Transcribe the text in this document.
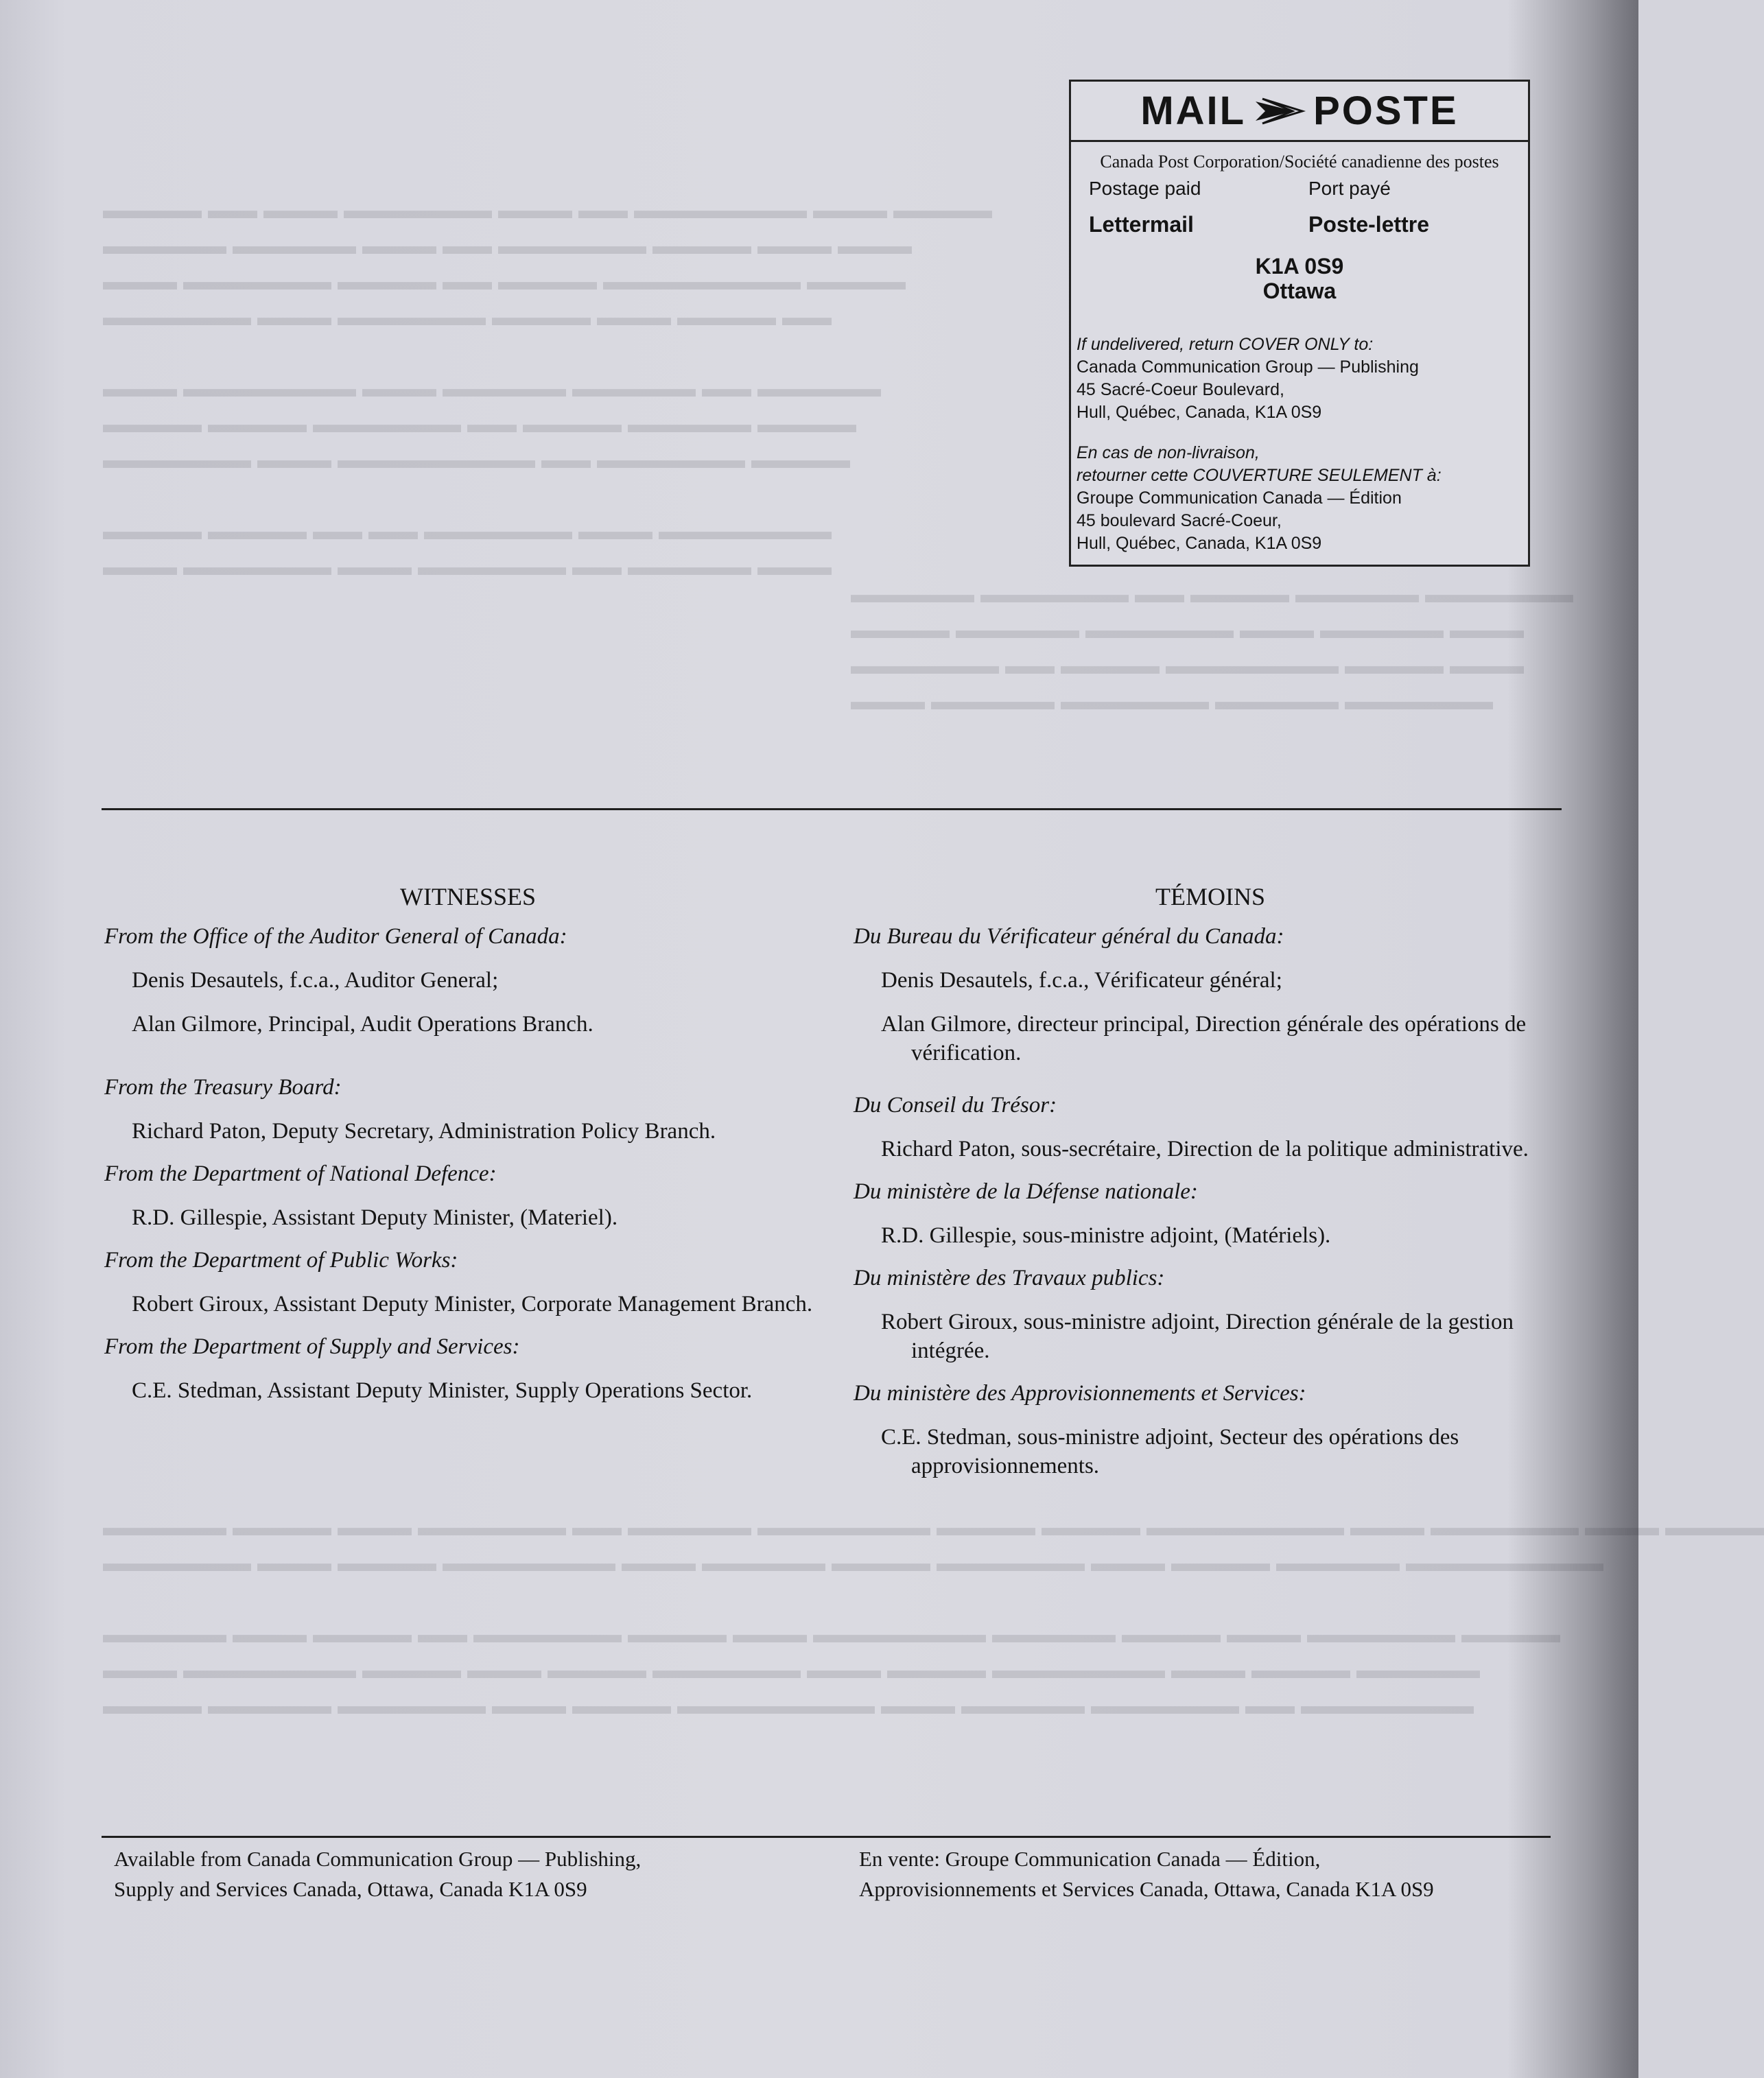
▬▬▬▬ ▬▬ ▬▬▬ ▬▬▬▬▬▬ ▬▬▬ ▬▬ ▬▬▬▬▬▬▬ ▬▬▬ ▬▬▬▬
▬▬▬▬▬ ▬▬▬▬▬ ▬▬▬ ▬▬ ▬▬▬▬▬▬ ▬▬▬▬ ▬▬▬ ▬▬▬
▬▬▬ ▬▬▬▬▬▬ ▬▬▬▬ ▬▬ ▬▬▬▬ ▬▬▬▬▬▬▬▬ ▬▬▬▬
▬▬▬▬▬▬ ▬▬▬ ▬▬▬▬▬▬ ▬▬▬▬ ▬▬▬ ▬▬▬▬ ▬▬

▬▬▬ ▬▬▬▬▬▬▬ ▬▬▬ ▬▬▬▬▬ ▬▬▬▬▬ ▬▬ ▬▬▬▬▬
▬▬▬▬ ▬▬▬▬ ▬▬▬▬▬▬ ▬▬ ▬▬▬▬ ▬▬▬▬▬ ▬▬▬▬
▬▬▬▬▬▬ ▬▬▬ ▬▬▬▬▬▬▬▬ ▬▬ ▬▬▬▬▬▬ ▬▬▬▬

▬▬▬▬ ▬▬▬▬ ▬▬ ▬▬ ▬▬▬▬▬▬ ▬▬▬ ▬▬▬▬▬▬▬
▬▬▬ ▬▬▬▬▬▬ ▬▬▬ ▬▬▬▬▬▬ ▬▬ ▬▬▬▬▬ ▬▬▬
▬▬▬▬▬ ▬▬▬▬▬▬ ▬▬ ▬▬▬▬ ▬▬▬▬▬ ▬▬▬▬▬▬
▬▬▬▬ ▬▬▬▬▬ ▬▬▬▬▬▬ ▬▬▬ ▬▬▬▬▬ ▬▬▬
▬▬▬▬▬▬ ▬▬ ▬▬▬▬ ▬▬▬▬▬▬▬ ▬▬▬▬ ▬▬▬
▬▬▬ ▬▬▬▬▬ ▬▬▬▬▬▬ ▬▬▬▬▬ ▬▬▬▬▬▬
▬▬▬▬▬ ▬▬▬▬ ▬▬▬ ▬▬▬▬▬▬ ▬▬ ▬▬▬▬▬ ▬▬▬▬▬▬▬ ▬▬▬▬ ▬▬▬▬ ▬▬▬▬▬▬▬▬ ▬▬▬ ▬▬▬▬▬▬ ▬▬▬ ▬▬▬▬
▬▬▬▬▬▬ ▬▬▬ ▬▬▬▬ ▬▬▬▬▬▬▬ ▬▬▬ ▬▬▬▬▬ ▬▬▬▬ ▬▬▬▬▬▬ ▬▬▬ ▬▬▬▬ ▬▬▬▬▬ ▬▬▬▬▬▬▬▬

▬▬▬▬▬ ▬▬▬ ▬▬▬▬ ▬▬ ▬▬▬▬▬▬ ▬▬▬▬ ▬▬▬ ▬▬▬▬▬▬▬ ▬▬▬▬▬ ▬▬▬▬ ▬▬▬ ▬▬▬▬▬▬ ▬▬▬▬
▬▬▬ ▬▬▬▬▬▬▬ ▬▬▬▬ ▬▬▬ ▬▬▬▬ ▬▬▬▬▬▬ ▬▬▬ ▬▬▬▬ ▬▬▬▬▬▬▬ ▬▬▬ ▬▬▬▬ ▬▬▬▬▬
▬▬▬▬ ▬▬▬▬▬ ▬▬▬▬▬▬ ▬▬▬ ▬▬▬▬ ▬▬▬▬▬▬▬▬ ▬▬▬ ▬▬▬▬▬ ▬▬▬▬▬▬ ▬▬ ▬▬▬▬▬▬▬
MAIL POSTE
Canada Post Corporation/Société canadienne des postes
Postage paid	Port payé
Lettermail	Poste-lettre
K1A 0S9
Ottawa
If undelivered, return COVER ONLY to:
Canada Communication Group — Publishing
45 Sacré-Coeur Boulevard,
Hull, Québec, Canada, K1A 0S9
En cas de non-livraison,
retourner cette COUVERTURE SEULEMENT à:
Groupe Communication Canada — Édition
45 boulevard Sacré-Coeur,
Hull, Québec, Canada, K1A 0S9
WITNESSES
From the Office of the Auditor General of Canada:
Denis Desautels, f.c.a., Auditor General;
Alan Gilmore, Principal, Audit Operations Branch.
From the Treasury Board:
Richard Paton, Deputy Secretary, Administration Policy Branch.
From the Department of National Defence:
R.D. Gillespie, Assistant Deputy Minister, (Materiel).
From the Department of Public Works:
Robert Giroux, Assistant Deputy Minister, Corporate Management Branch.
From the Department of Supply and Services:
C.E. Stedman, Assistant Deputy Minister, Supply Operations Sector.
TÉMOINS
Du Bureau du Vérificateur général du Canada:
Denis Desautels, f.c.a., Vérificateur général;
Alan Gilmore, directeur principal, Direction générale des opérations de vérification.
Du Conseil du Trésor:
Richard Paton, sous-secrétaire, Direction de la politique administrative.
Du ministère de la Défense nationale:
R.D. Gillespie, sous-ministre adjoint, (Matériels).
Du ministère des Travaux publics:
Robert Giroux, sous-ministre adjoint, Direction générale de la gestion intégrée.
Du ministère des Approvisionnements et Services:
C.E. Stedman, sous-ministre adjoint, Secteur des opérations des approvisionnements.
Available from Canada Communication Group — Publishing,
Supply and Services Canada, Ottawa, Canada K1A 0S9
En vente: Groupe Communication Canada — Édition,
Approvisionnements et Services Canada, Ottawa, Canada K1A 0S9
